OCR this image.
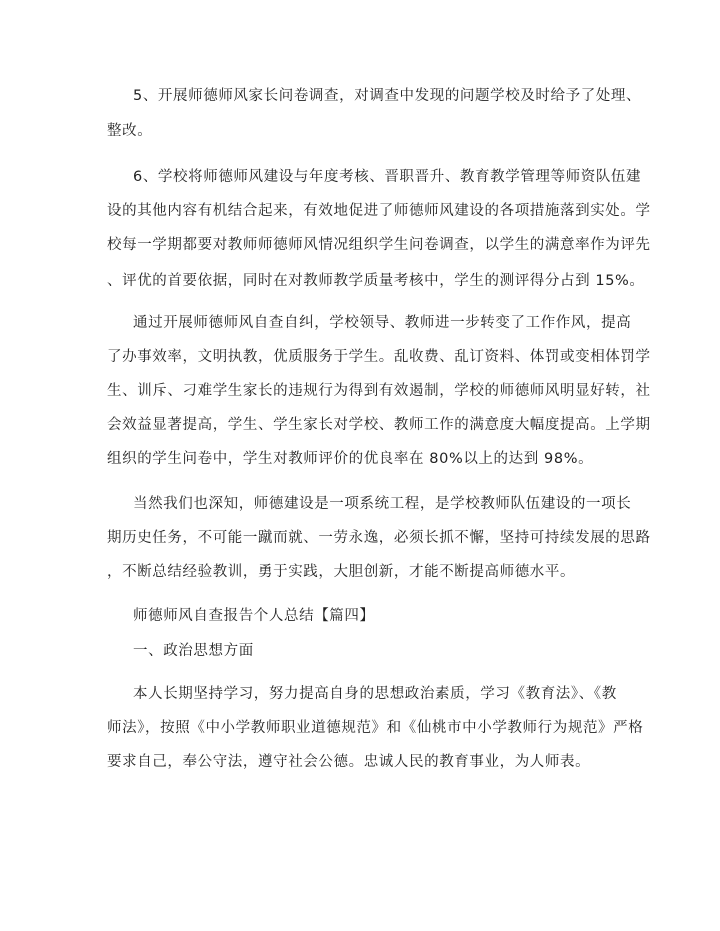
5、开展师德师风家长问卷调查，对调查中发现的问题学校及时给予了处理、
整改。
6、学校将师德师风建设与年度考核、晋职晋升、教育教学管理等师资队伍建
设的其他内容有机结合起来，有效地促进了师德师风建设的各项措施落到实处。学
校每一学期都要对教师师德师风情况组织学生问卷调查，以学生的满意率作为评先
、评优的首要依据，同时在对教师教学质量考核中，学生的测评得分占到 15%。
通过开展师德师风自查自纠，学校领导、教师进一步转变了工作作风，提高
了办事效率，文明执教，优质服务于学生。乱收费、乱订资料、体罚或变相体罚学
生、训斥、刁难学生家长的违规行为得到有效遏制，学校的师德师风明显好转，社
会效益显著提高，学生、学生家长对学校、教师工作的满意度大幅度提高。上学期
组织的学生问卷中，学生对教师评价的优良率在 80%以上的达到 98%。
当然我们也深知，师德建设是一项系统工程，是学校教师队伍建设的一项长
期历史任务，不可能一蹴而就、一劳永逸，必须长抓不懈，坚持可持续发展的思路
，不断总结经验教训，勇于实践，大胆创新，才能不断提高师德水平。
师德师风自查报告个人总结【篇四】
一、政治思想方面
本人长期坚持学习，努力提高自身的思想政治素质，学习《教育法》、《教
师法》，按照《中小学教师职业道德规范》和《仙桃市中小学教师行为规范》严格
要求自己，奉公守法，遵守社会公德。忠诚人民的教育事业，为人师表。
